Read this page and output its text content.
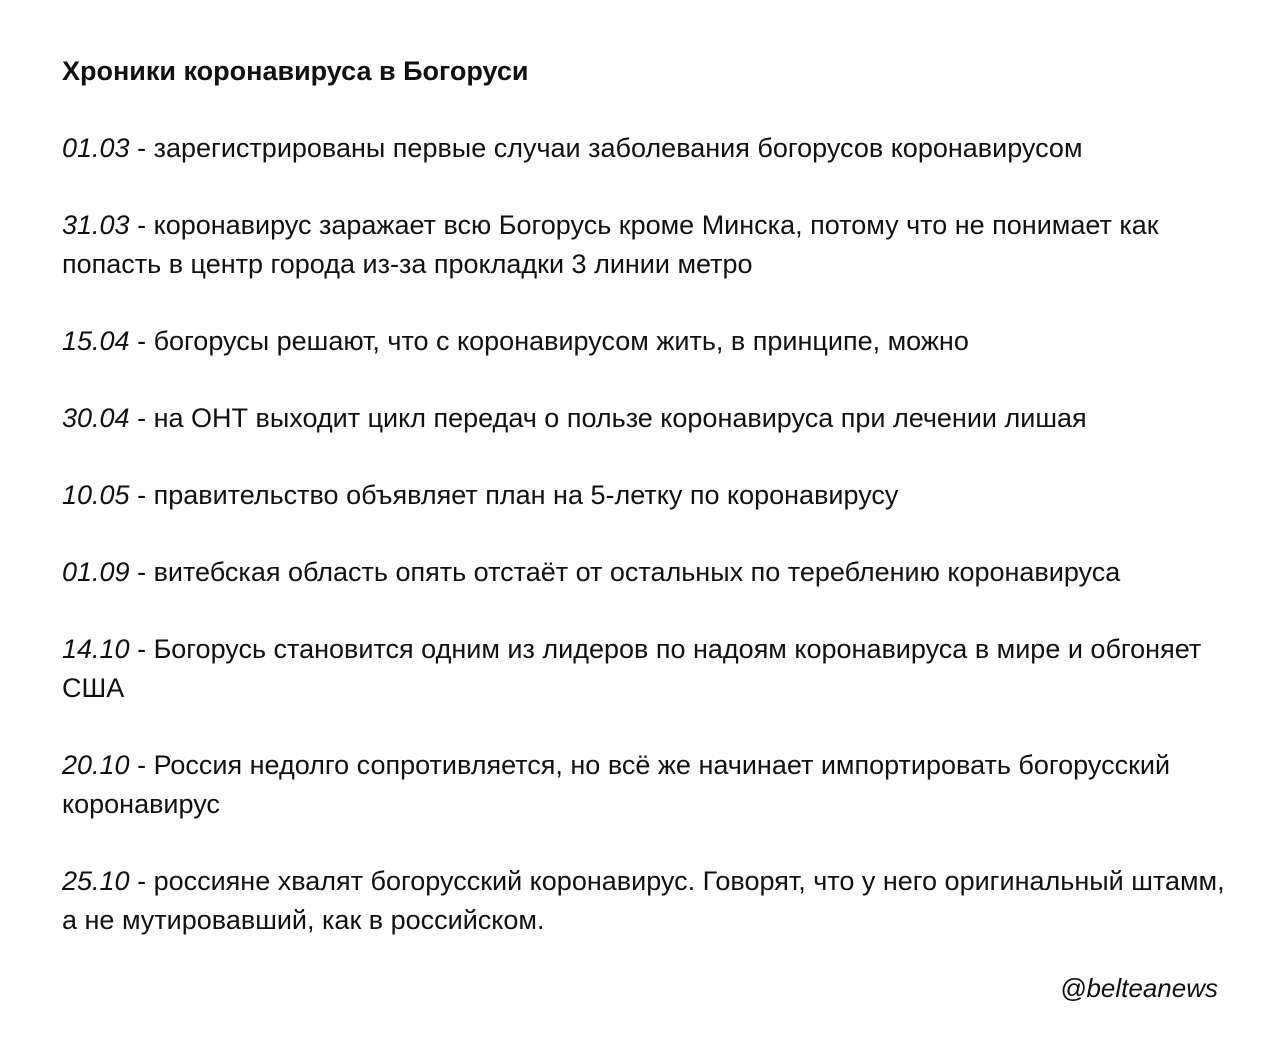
Хроники коронавируса в Богоруси
01.03 - зарегистрированы первые случаи заболевания богорусов коронавирусом
31.03 - коронавирус заражает всю Богорусь кроме Минска, потому что не понимает как попасть в центр города из-за прокладки 3 линии метро
15.04 - богорусы решают, что с коронавирусом жить, в принципе, можно
30.04 - на ОНТ выходит цикл передач о пользе коронавируса при лечении лишая
10.05 - правительство объявляет план на 5-летку по коронавирусу
01.09 - витебская область опять отстаёт от остальных по тереблению коронавируса
14.10 - Богорусь становится одним из лидеров по надоям коронавируса в мире и обгоняет США
20.10 - Россия недолго сопротивляется, но всё же начинает импортировать богорусский коронавирус
25.10 - россияне хвалят богорусский коронавирус. Говорят, что у него оригинальный штамм, а не мутировавший, как в российском.
@belteanews
